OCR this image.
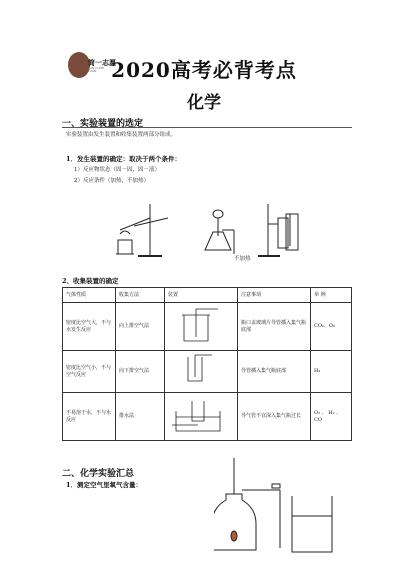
简一志愿
JIAN YI ZHI YUAN 2020高考必背考点
化学
一、实验装置的选定
实验装置由发生装置和收集装置两部分组成。
1．发生装置的确定：取决于两个条件：
1）反应物状态（固－固，固－液）
2）反应条件（加热，不加热）
不加热
2、收集装置的确定
气体性质	收集方法	装置	注意事项	举 例
密度比空气大，不与水发生反应	向上排空气法		瓶口盖玻璃片导管插入集气瓶底部	CO₂、O₂
密度比空气小，不与空气反应	向下排空气法		导管插入集气瓶底部	H₂
不易溶于水，不与水反应	排水法		导气管不宜深入集气瓶过长	O₂ 、 H₂ 、 CO
二、化学实验汇总
1．测定空气里氧气含量：
